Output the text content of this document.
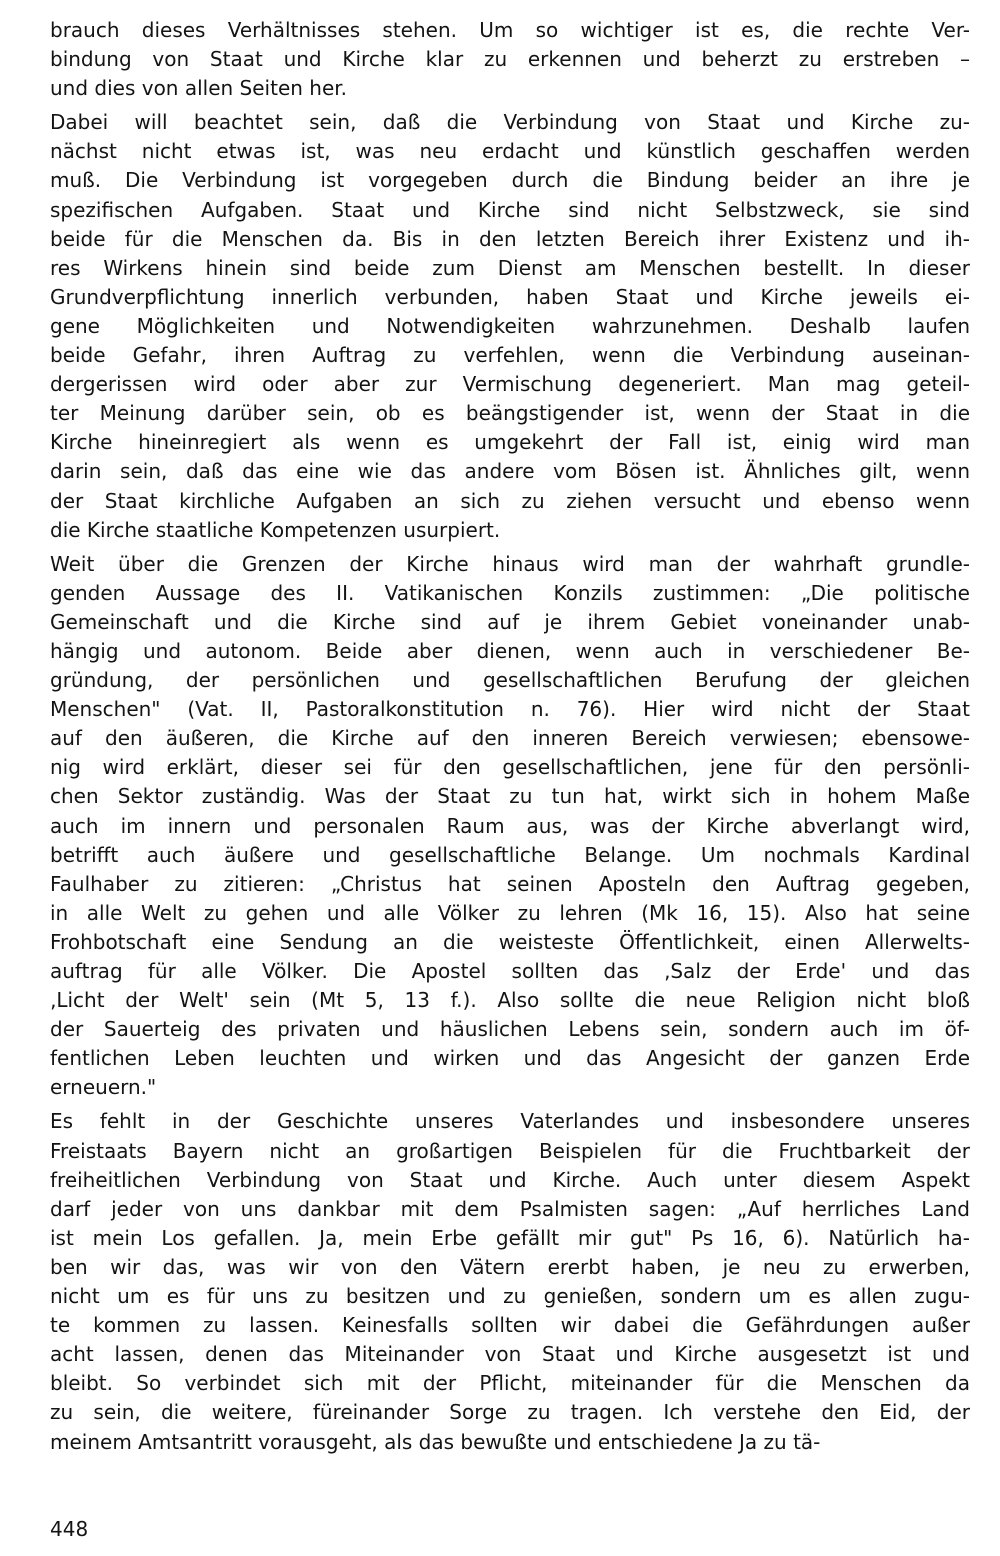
brauch dieses Verhältnisses stehen. Um so wichtiger ist es, die rechte Ver-
bindung von Staat und Kirche klar zu erkennen und beherzt zu erstreben –
und dies von allen Seiten her.
Dabei will beachtet sein, daß die Verbindung von Staat und Kirche zu-
nächst nicht etwas ist, was neu erdacht und künstlich geschaffen werden
muß. Die Verbindung ist vorgegeben durch die Bindung beider an ihre je
spezifischen Aufgaben. Staat und Kirche sind nicht Selbstzweck, sie sind
beide für die Menschen da. Bis in den letzten Bereich ihrer Existenz und ih-
res Wirkens hinein sind beide zum Dienst am Menschen bestellt. In dieser
Grundverpflichtung innerlich verbunden, haben Staat und Kirche jeweils ei-
gene Möglichkeiten und Notwendigkeiten wahrzunehmen. Deshalb laufen
beide Gefahr, ihren Auftrag zu verfehlen, wenn die Verbindung auseinan-
dergerissen wird oder aber zur Vermischung degeneriert. Man mag geteil-
ter Meinung darüber sein, ob es beängstigender ist, wenn der Staat in die
Kirche hineinregiert als wenn es umgekehrt der Fall ist, einig wird man
darin sein, daß das eine wie das andere vom Bösen ist. Ähnliches gilt, wenn
der Staat kirchliche Aufgaben an sich zu ziehen versucht und ebenso wenn
die Kirche staatliche Kompetenzen usurpiert.
Weit über die Grenzen der Kirche hinaus wird man der wahrhaft grundle-
genden Aussage des II. Vatikanischen Konzils zustimmen: „Die politische
Gemeinschaft und die Kirche sind auf je ihrem Gebiet voneinander unab-
hängig und autonom. Beide aber dienen, wenn auch in verschiedener Be-
gründung, der persönlichen und gesellschaftlichen Berufung der gleichen
Menschen" (Vat. II, Pastoralkonstitution n. 76). Hier wird nicht der Staat
auf den äußeren, die Kirche auf den inneren Bereich verwiesen; ebensowe-
nig wird erklärt, dieser sei für den gesellschaftlichen, jene für den persönli-
chen Sektor zuständig. Was der Staat zu tun hat, wirkt sich in hohem Maße
auch im innern und personalen Raum aus, was der Kirche abverlangt wird,
betrifft auch äußere und gesellschaftliche Belange. Um nochmals Kardinal
Faulhaber zu zitieren: „Christus hat seinen Aposteln den Auftrag gegeben,
in alle Welt zu gehen und alle Völker zu lehren (Mk 16, 15). Also hat seine
Frohbotschaft eine Sendung an die weisteste Öffentlichkeit, einen Allerwelts-
auftrag für alle Völker. Die Apostel sollten das ‚Salz der Erde' und das
‚Licht der Welt' sein (Mt 5, 13 f.). Also sollte die neue Religion nicht bloß
der Sauerteig des privaten und häuslichen Lebens sein, sondern auch im öf-
fentlichen Leben leuchten und wirken und das Angesicht der ganzen Erde
erneuern."
Es fehlt in der Geschichte unseres Vaterlandes und insbesondere unseres
Freistaats Bayern nicht an großartigen Beispielen für die Fruchtbarkeit der
freiheitlichen Verbindung von Staat und Kirche. Auch unter diesem Aspekt
darf jeder von uns dankbar mit dem Psalmisten sagen: „Auf herrliches Land
ist mein Los gefallen. Ja, mein Erbe gefällt mir gut" Ps 16, 6). Natürlich ha-
ben wir das, was wir von den Vätern ererbt haben, je neu zu erwerben,
nicht um es für uns zu besitzen und zu genießen, sondern um es allen zugu-
te kommen zu lassen. Keinesfalls sollten wir dabei die Gefährdungen außer
acht lassen, denen das Miteinander von Staat und Kirche ausgesetzt ist und
bleibt. So verbindet sich mit der Pflicht, miteinander für die Menschen da
zu sein, die weitere, füreinander Sorge zu tragen. Ich verstehe den Eid, der
meinem Amtsantritt vorausgeht, als das bewußte und entschiedene Ja zu tä-
448
